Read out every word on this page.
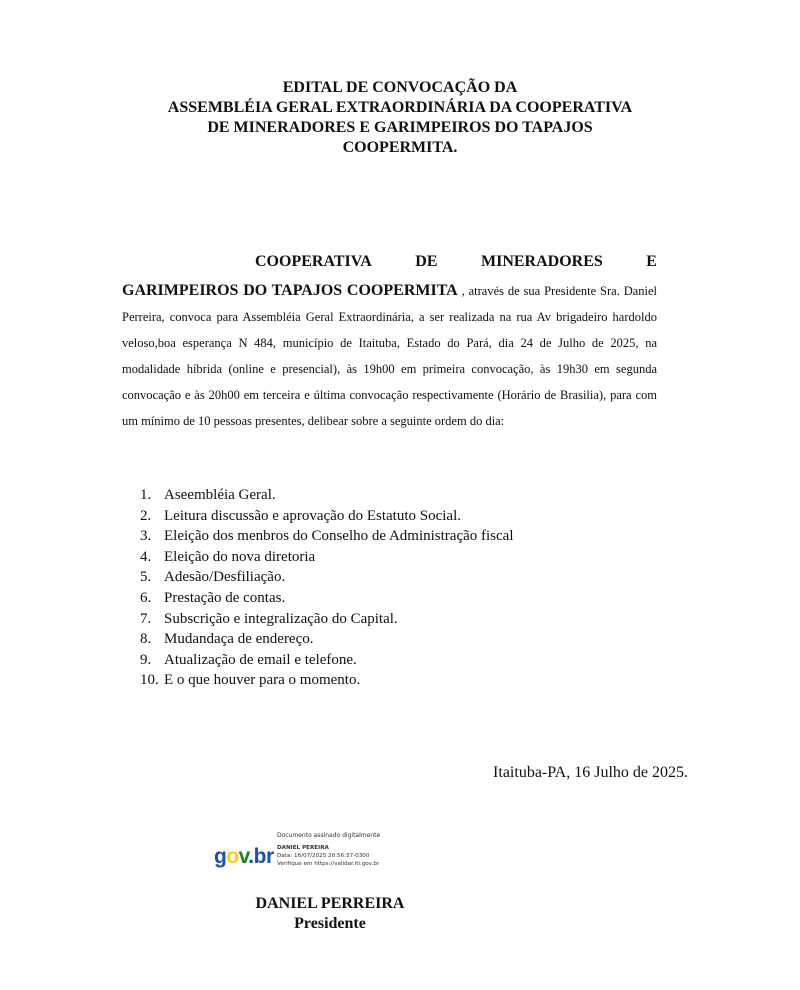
EDITAL DE CONVOCAÇÃO DA
ASSEMBLÉIA GERAL EXTRAORDINÁRIA DA COOPERATIVA
DE MINERADORES E GARIMPEIROS DO TAPAJOS
COOPERMITA.
COOPERATIVA	DE	MINERADORES	E
GARIMPEIROS DO TAPAJOS COOPERMITA , através de sua Presidente Sra. Daniel Perreira, convoca para Assembléia Geral Extraordinária, a ser realizada na rua Av brigadeiro hardoldo veloso,boa esperança N 484, município de Itaituba, Estado do Pará, dia 24 de Julho de 2025, na modalidade híbrida (online e presencial), às 19h00 em primeira convocação, às 19h30 em segunda convocação e às 20h00 em terceira e última convocação respectivamente (Horário de Brasilia), para com um mínimo de 10 pessoas presentes, delibear sobre a seguinte ordem do dia:
1. Aseembléia Geral.
2. Leitura discussão e aprovação do Estatuto Social.
3. Eleição dos menbros do Conselho de Administração fiscal
4. Eleição do nova diretoria
5. Adesão/Desfiliação.
6. Prestação de contas.
7. Subscrição e integralização do Capital.
8. Mudandaça de endereço.
9. Atualização de email e telefone.
10. E o que houver para o momento.
Itaituba-PA, 16 Julho de 2025.
gov.br
Documento assinado digitalmente
DANIEL PEREIRA
Data: 16/07/2025 20:56:37-0300
Verifique em https://validar.iti.gov.br
DANIEL PERREIRA
Presidente
